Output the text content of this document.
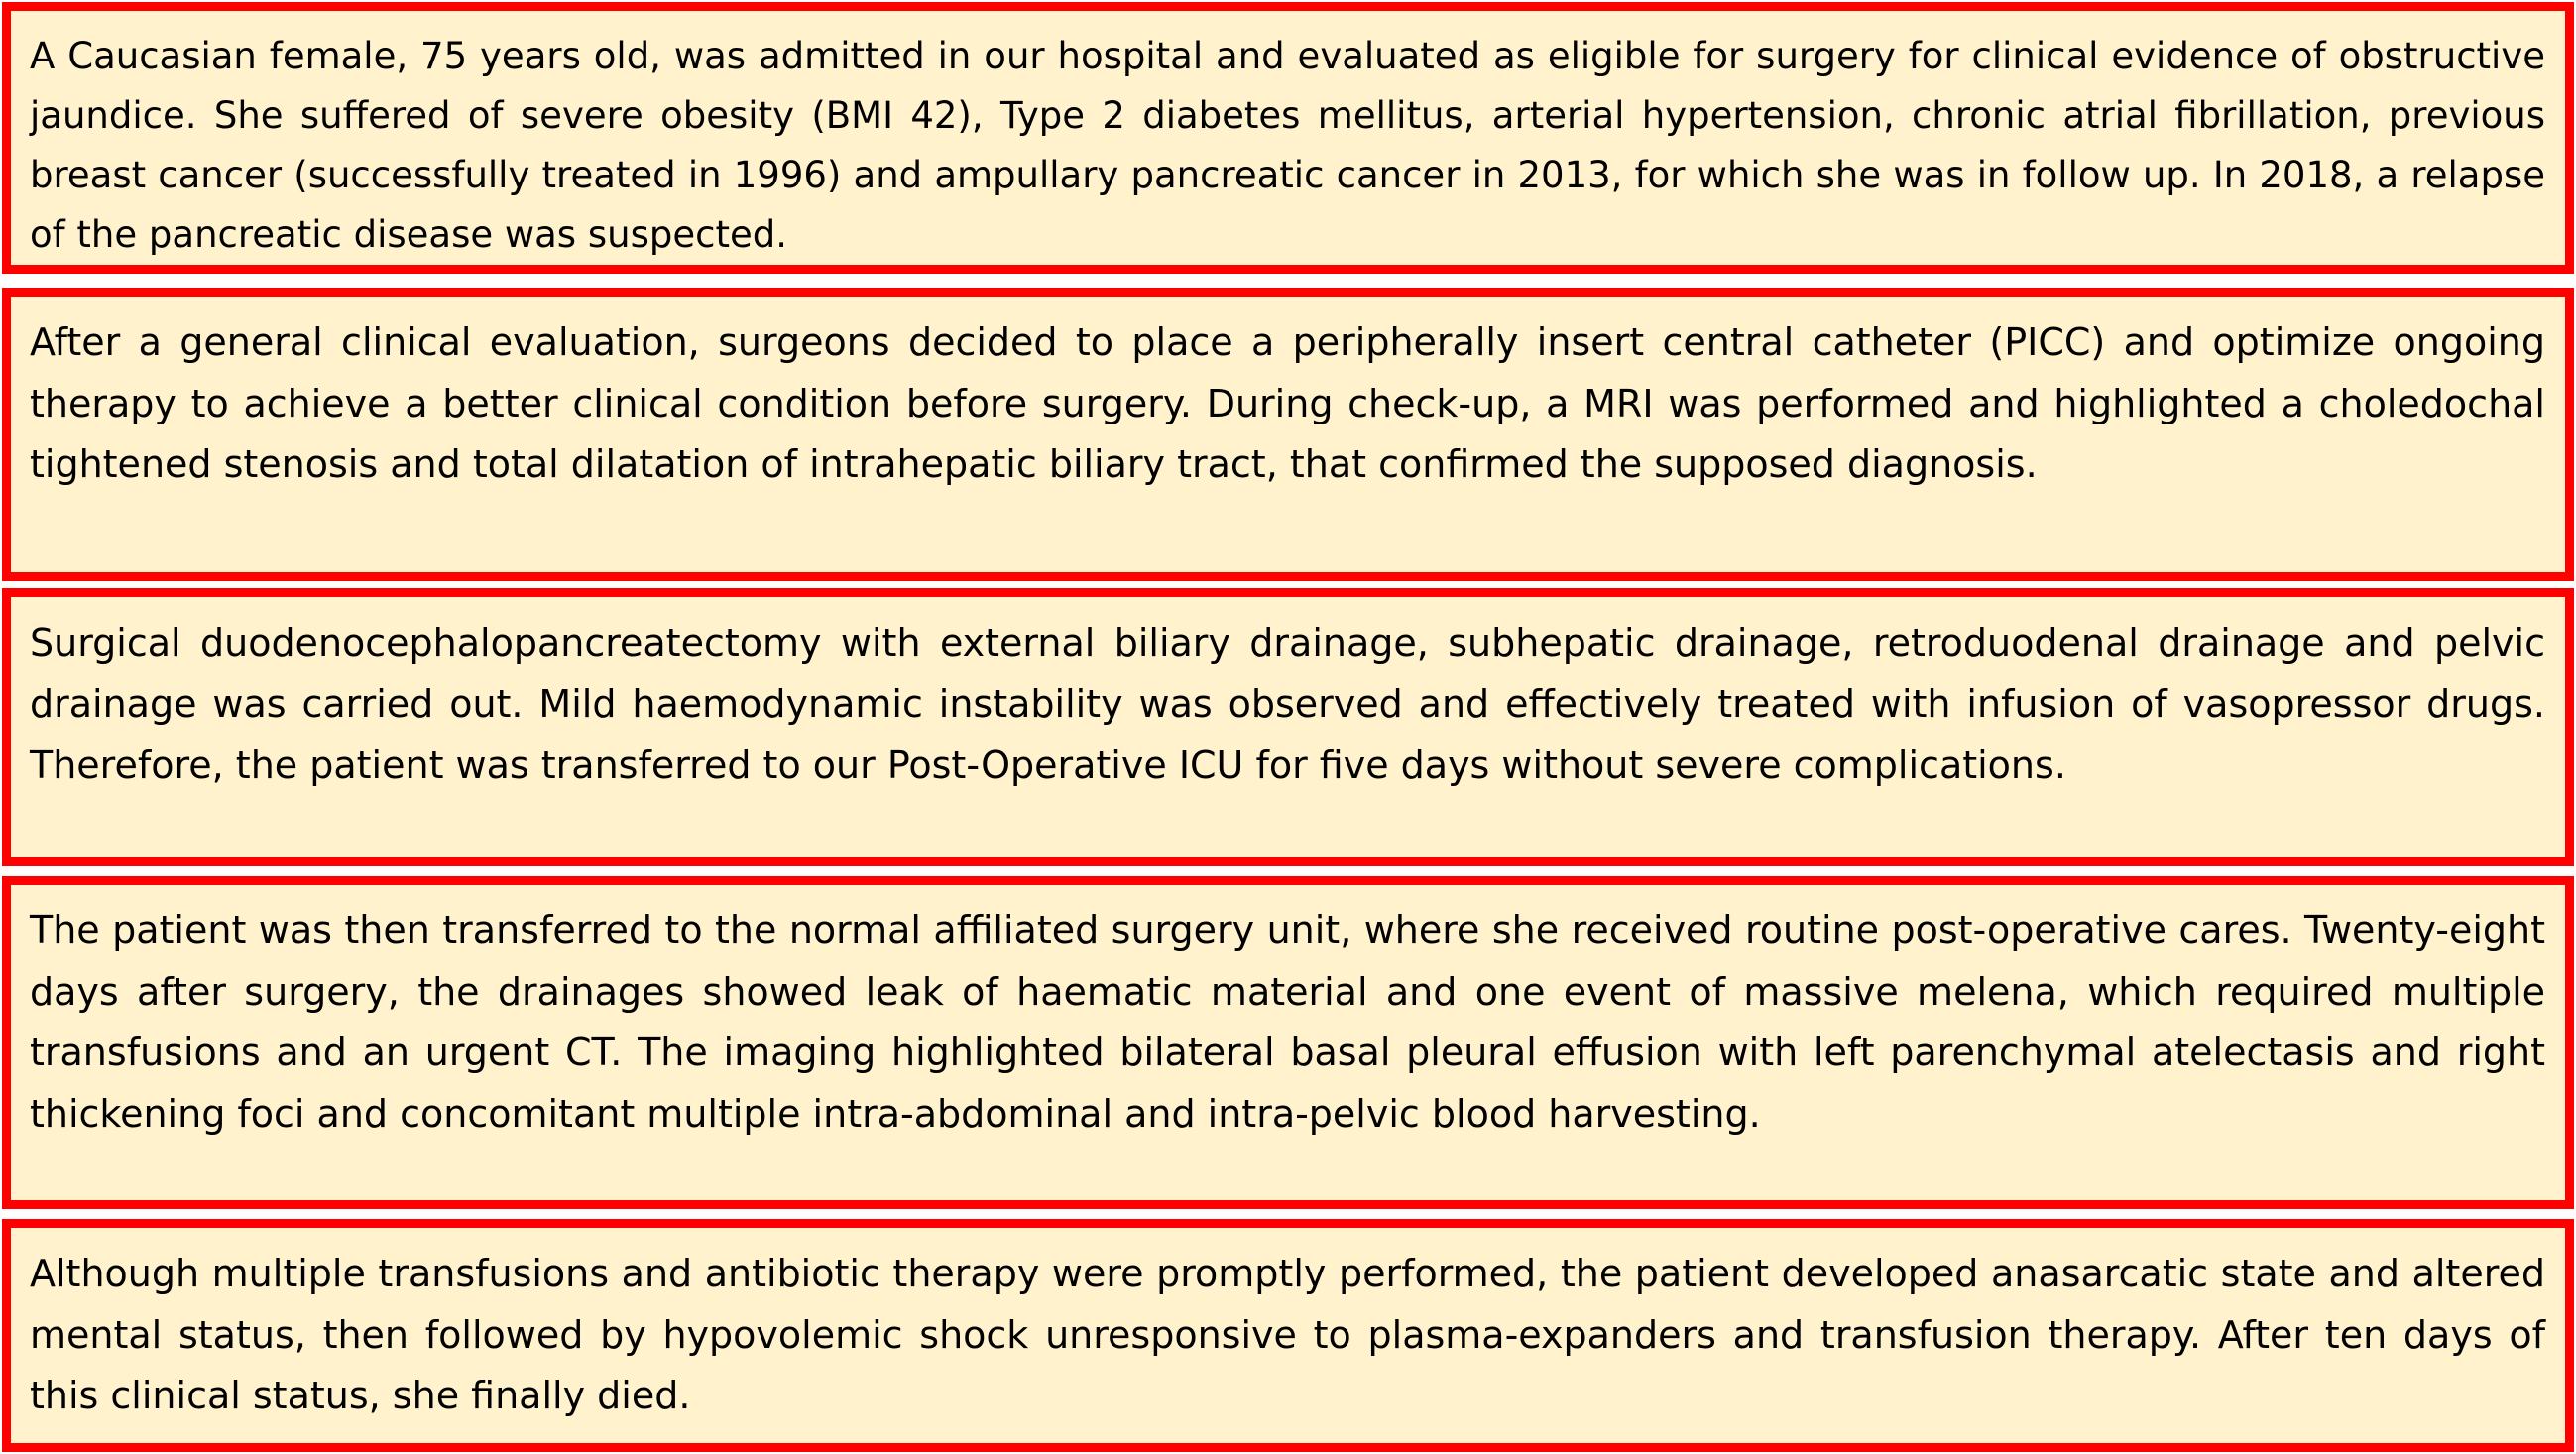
A Caucasian female, 75 years old, was admitted in our hospital and evaluated as eligible for surgery for clinical evidence of obstructive jaundice. She suffered of severe obesity (BMI 42), Type 2 diabetes mellitus, arterial hypertension, chronic atrial fibrillation, previous breast cancer (successfully treated in 1996) and ampullary pancreatic cancer in 2013, for which she was in follow up. In 2018, a relapse of the pancreatic disease was suspected.
After a general clinical evaluation, surgeons decided to place a peripherally insert central catheter (PICC) and optimize ongoing therapy to achieve a better clinical condition before surgery. During check-up, a MRI was performed and highlighted a choledochal tightened stenosis and total dilatation of intrahepatic biliary tract, that confirmed the supposed diagnosis.
Surgical duodenocephalopancreatectomy with external biliary drainage, subhepatic drainage, retroduodenal drainage and pelvic drainage was carried out. Mild haemodynamic instability was observed and effectively treated with infusion of vasopressor drugs. Therefore, the patient was transferred to our Post-Operative ICU for five days without severe complications.
The patient was then transferred to the normal affiliated surgery unit, where she received routine post-operative cares. Twenty-eight days after surgery, the drainages showed leak of haematic material and one event of massive melena, which required multiple transfusions and an urgent CT. The imaging highlighted bilateral basal pleural effusion with left parenchymal atelectasis and right thickening foci and concomitant multiple intra-abdominal and intra-pelvic blood harvesting.
Although multiple transfusions and antibiotic therapy were promptly performed, the patient developed anasarcatic state and altered mental status, then followed by hypovolemic shock unresponsive to plasma-expanders and transfusion therapy. After ten days of this clinical status, she finally died.
